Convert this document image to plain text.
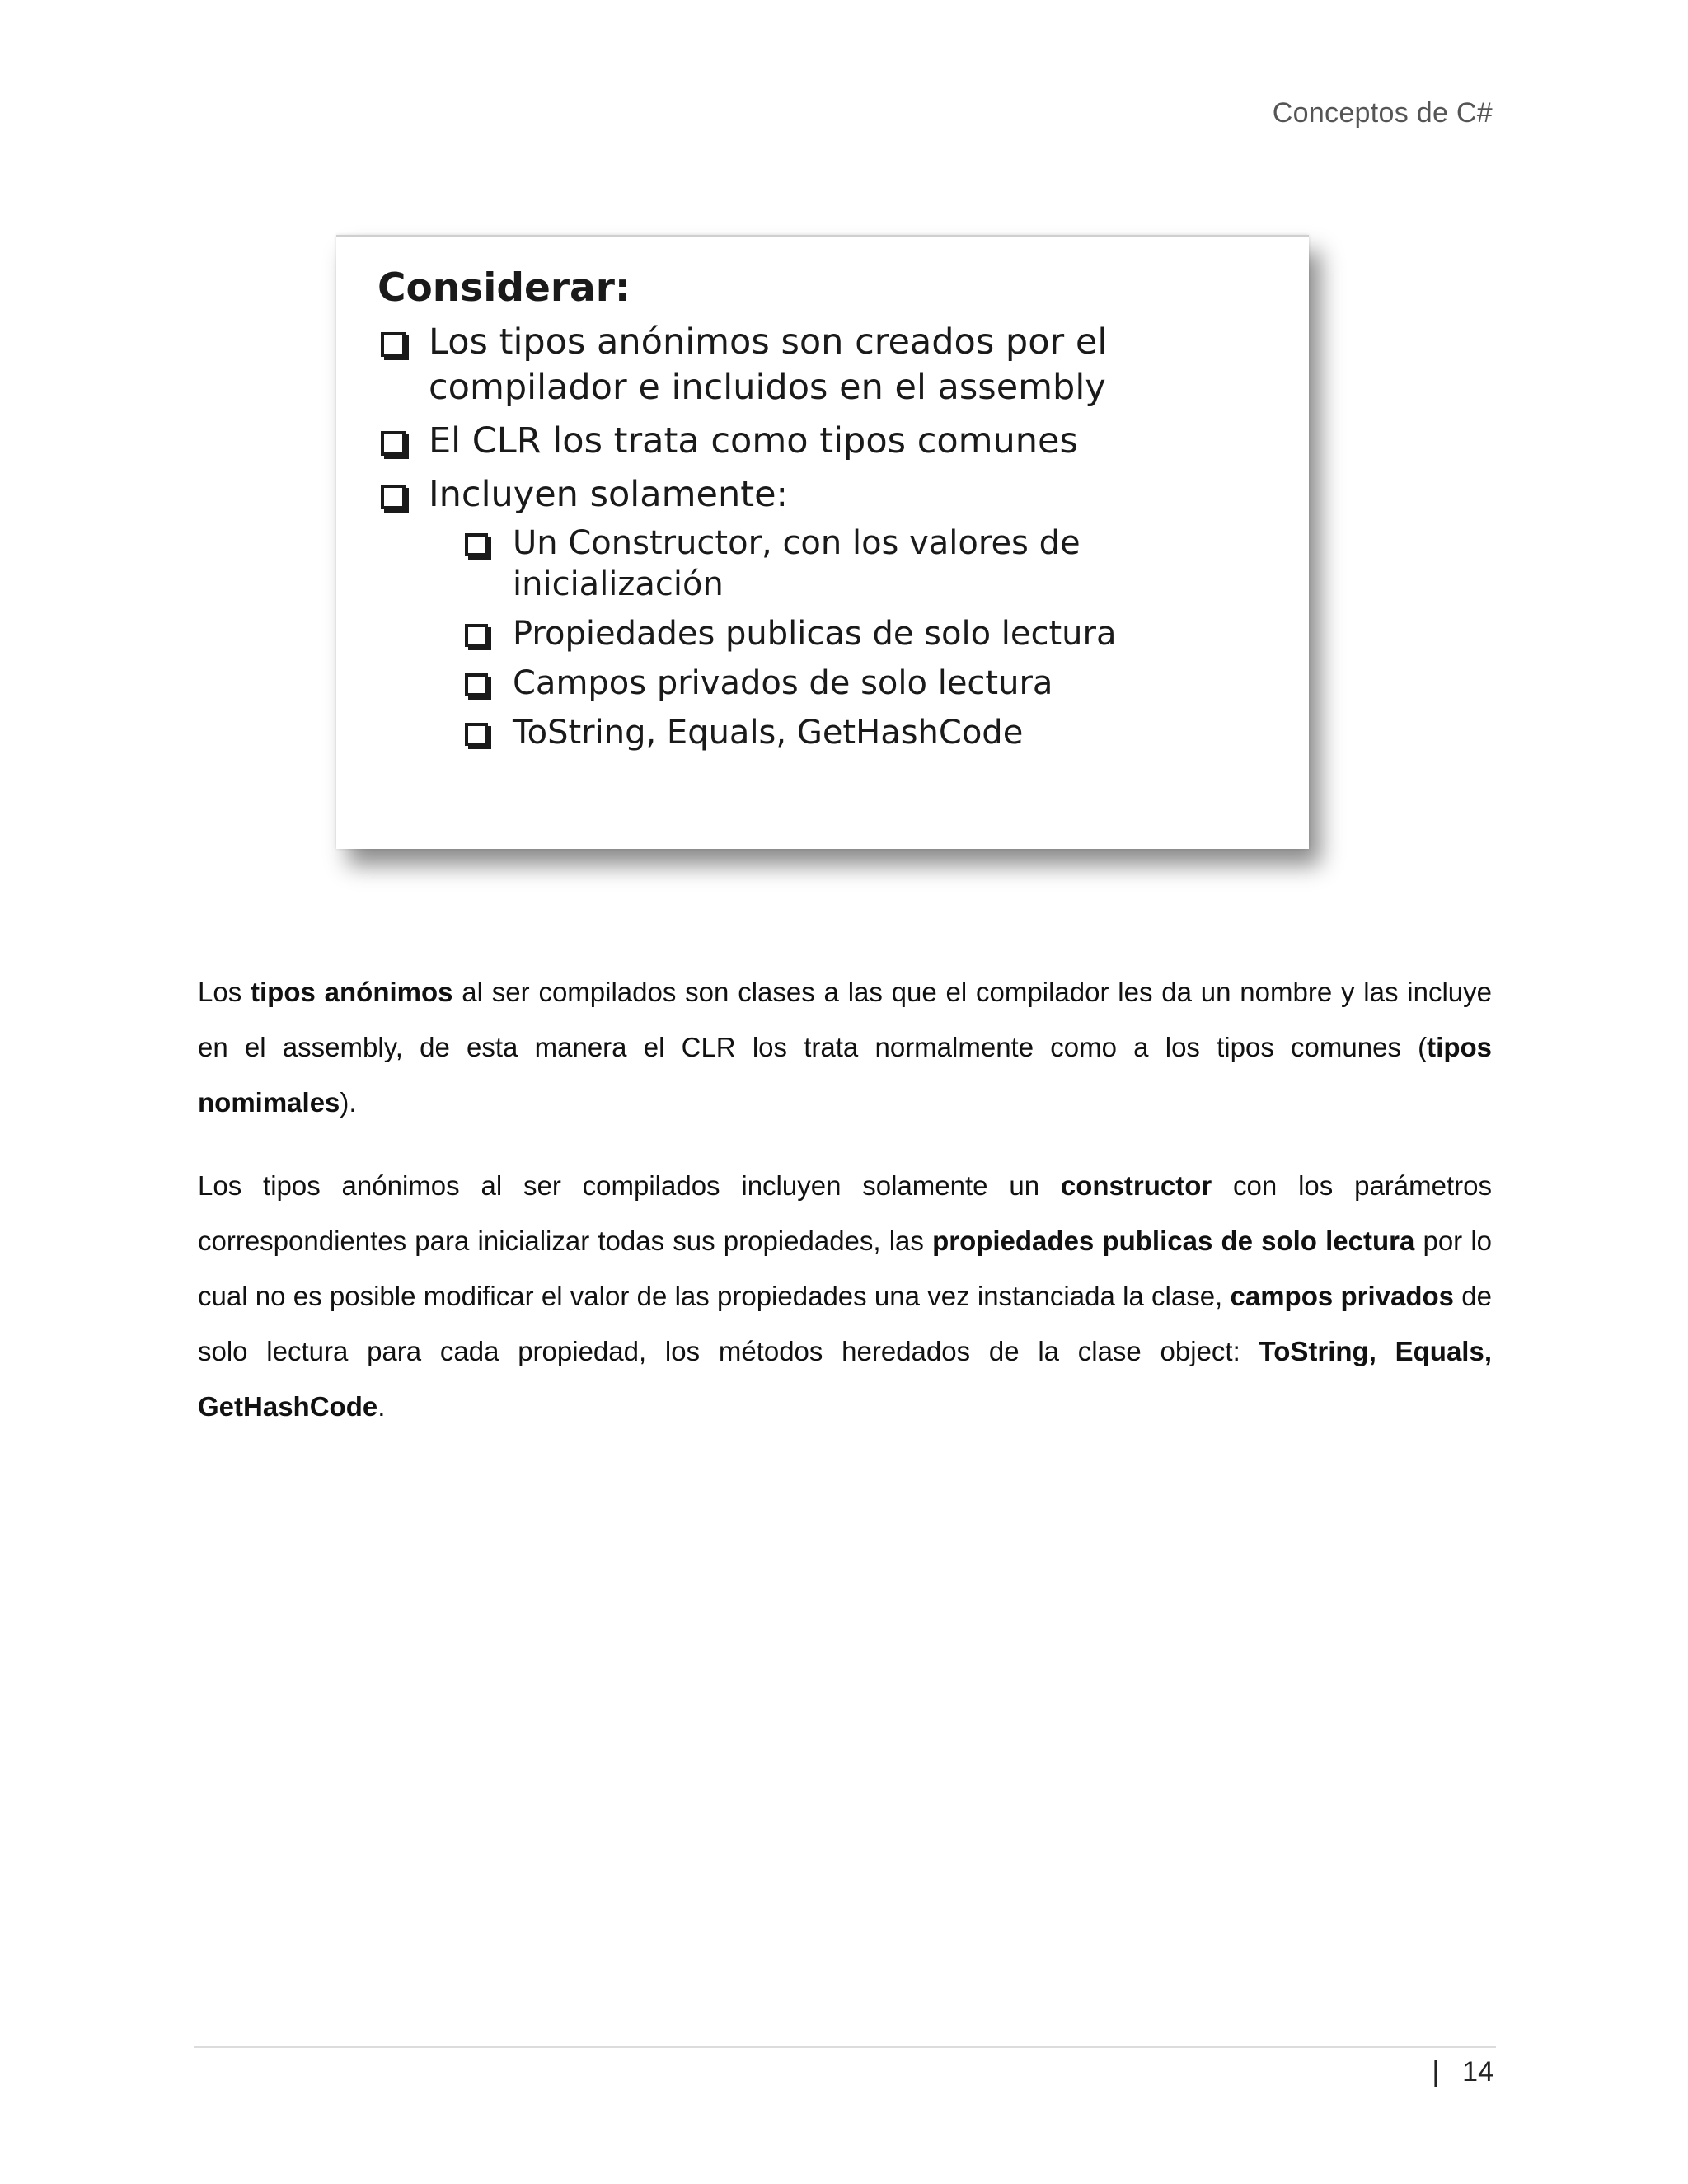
Conceptos de C#
Considerar:
Los tipos anónimos son creados por el compilador e incluidos en el assembly
El CLR los trata como tipos comunes
Incluyen solamente:
Un Constructor, con los valores de inicialización
Propiedades publicas de solo lectura
Campos privados de solo lectura
ToString, Equals, GetHashCode

Los tipos anónimos al ser compilados son clases a las que el compilador les da un nombre y las incluye en el assembly, de esta manera el CLR los trata normalmente como a los tipos comunes (tipos nomimales).

Los tipos anónimos al ser compilados incluyen solamente un constructor con los parámetros correspondientes para inicializar todas sus propiedades, las propiedades publicas de solo lectura por lo cual no es posible modificar el valor de las propiedades una vez instanciada la clase, campos privados de solo lectura para cada propiedad, los métodos heredados de la clase object: ToString, Equals, GetHashCode.

| 14
